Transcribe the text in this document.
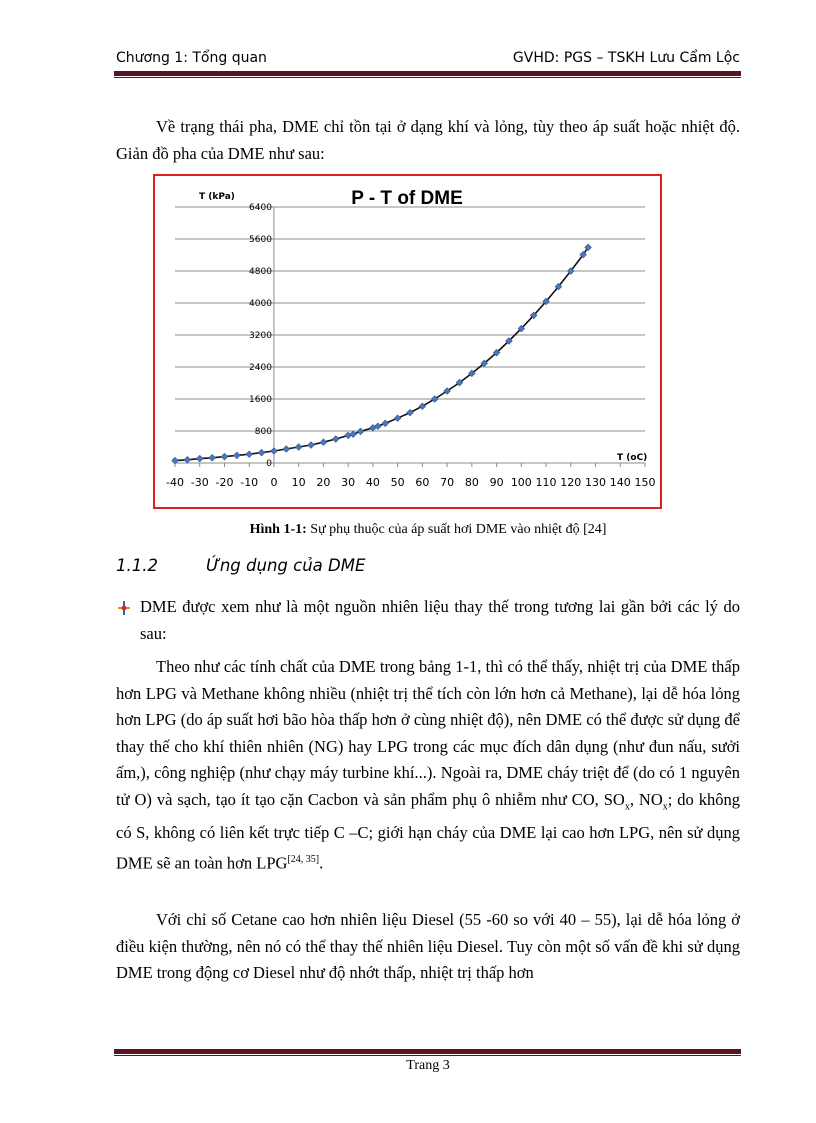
Chương 1: Tổng quan	GVHD: PGS – TSKH Lưu Cẩm Lộc

Về trạng thái pha, DME chỉ tồn tại ở dạng khí và lỏng, tùy theo áp suất hoặc nhiệt độ. Giản đồ pha của DME như sau:

0
800
1600
2400
3200
4000
4800
5600
6400
-40 -30 -20 -10 0 10 20 30 40 50 60 70 80 90 100 110 120 130 140 150
P - T of DME
T (kPa)
T (oC)
Hình 1-1: Sự phụ thuộc của áp suất hơi DME vào nhiệt độ [24]
1.1.2	Ứng dụng của DME
DME được xem như là một nguồn nhiên liệu thay thế trong tương lai gần bởi các lý do sau:

Theo như các tính chất của DME trong bảng 1-1, thì có thể thấy, nhiệt trị của DME thấp hơn LPG và Methane không nhiều (nhiệt trị thể tích còn lớn hơn cả Methane), lại dễ hóa lỏng hơn LPG (do áp suất hơi bão hòa thấp hơn ở cùng nhiệt độ), nên DME có thể được sử dụng để thay thế cho khí thiên nhiên (NG) hay LPG trong các mục đích dân dụng (như đun nấu, sưởi ấm,), công nghiệp (như chạy máy turbine khí...). Ngoài ra, DME cháy triệt để (do có 1 nguyên tử O) và sạch, tạo ít tạo cặn Cacbon và sản phẩm phụ ô nhiễm như CO, $SO_x$, $NO_x$; do không có S, không có liên kết trực tiếp C –C; giới hạn cháy của DME lại cao hơn LPG, nên sử dụng DME sẽ an toàn hơn LPG[24, 35].

Với chỉ số Cetane cao hơn nhiên liệu Diesel (55 -60 so với 40 – 55), lại dễ hóa lỏng ở điều kiện thường, nên nó có thể thay thế nhiên liệu Diesel. Tuy còn một số vấn đề khi sử dụng DME trong động cơ Diesel như độ nhớt thấp, nhiệt trị thấp hơn

Trang 3
